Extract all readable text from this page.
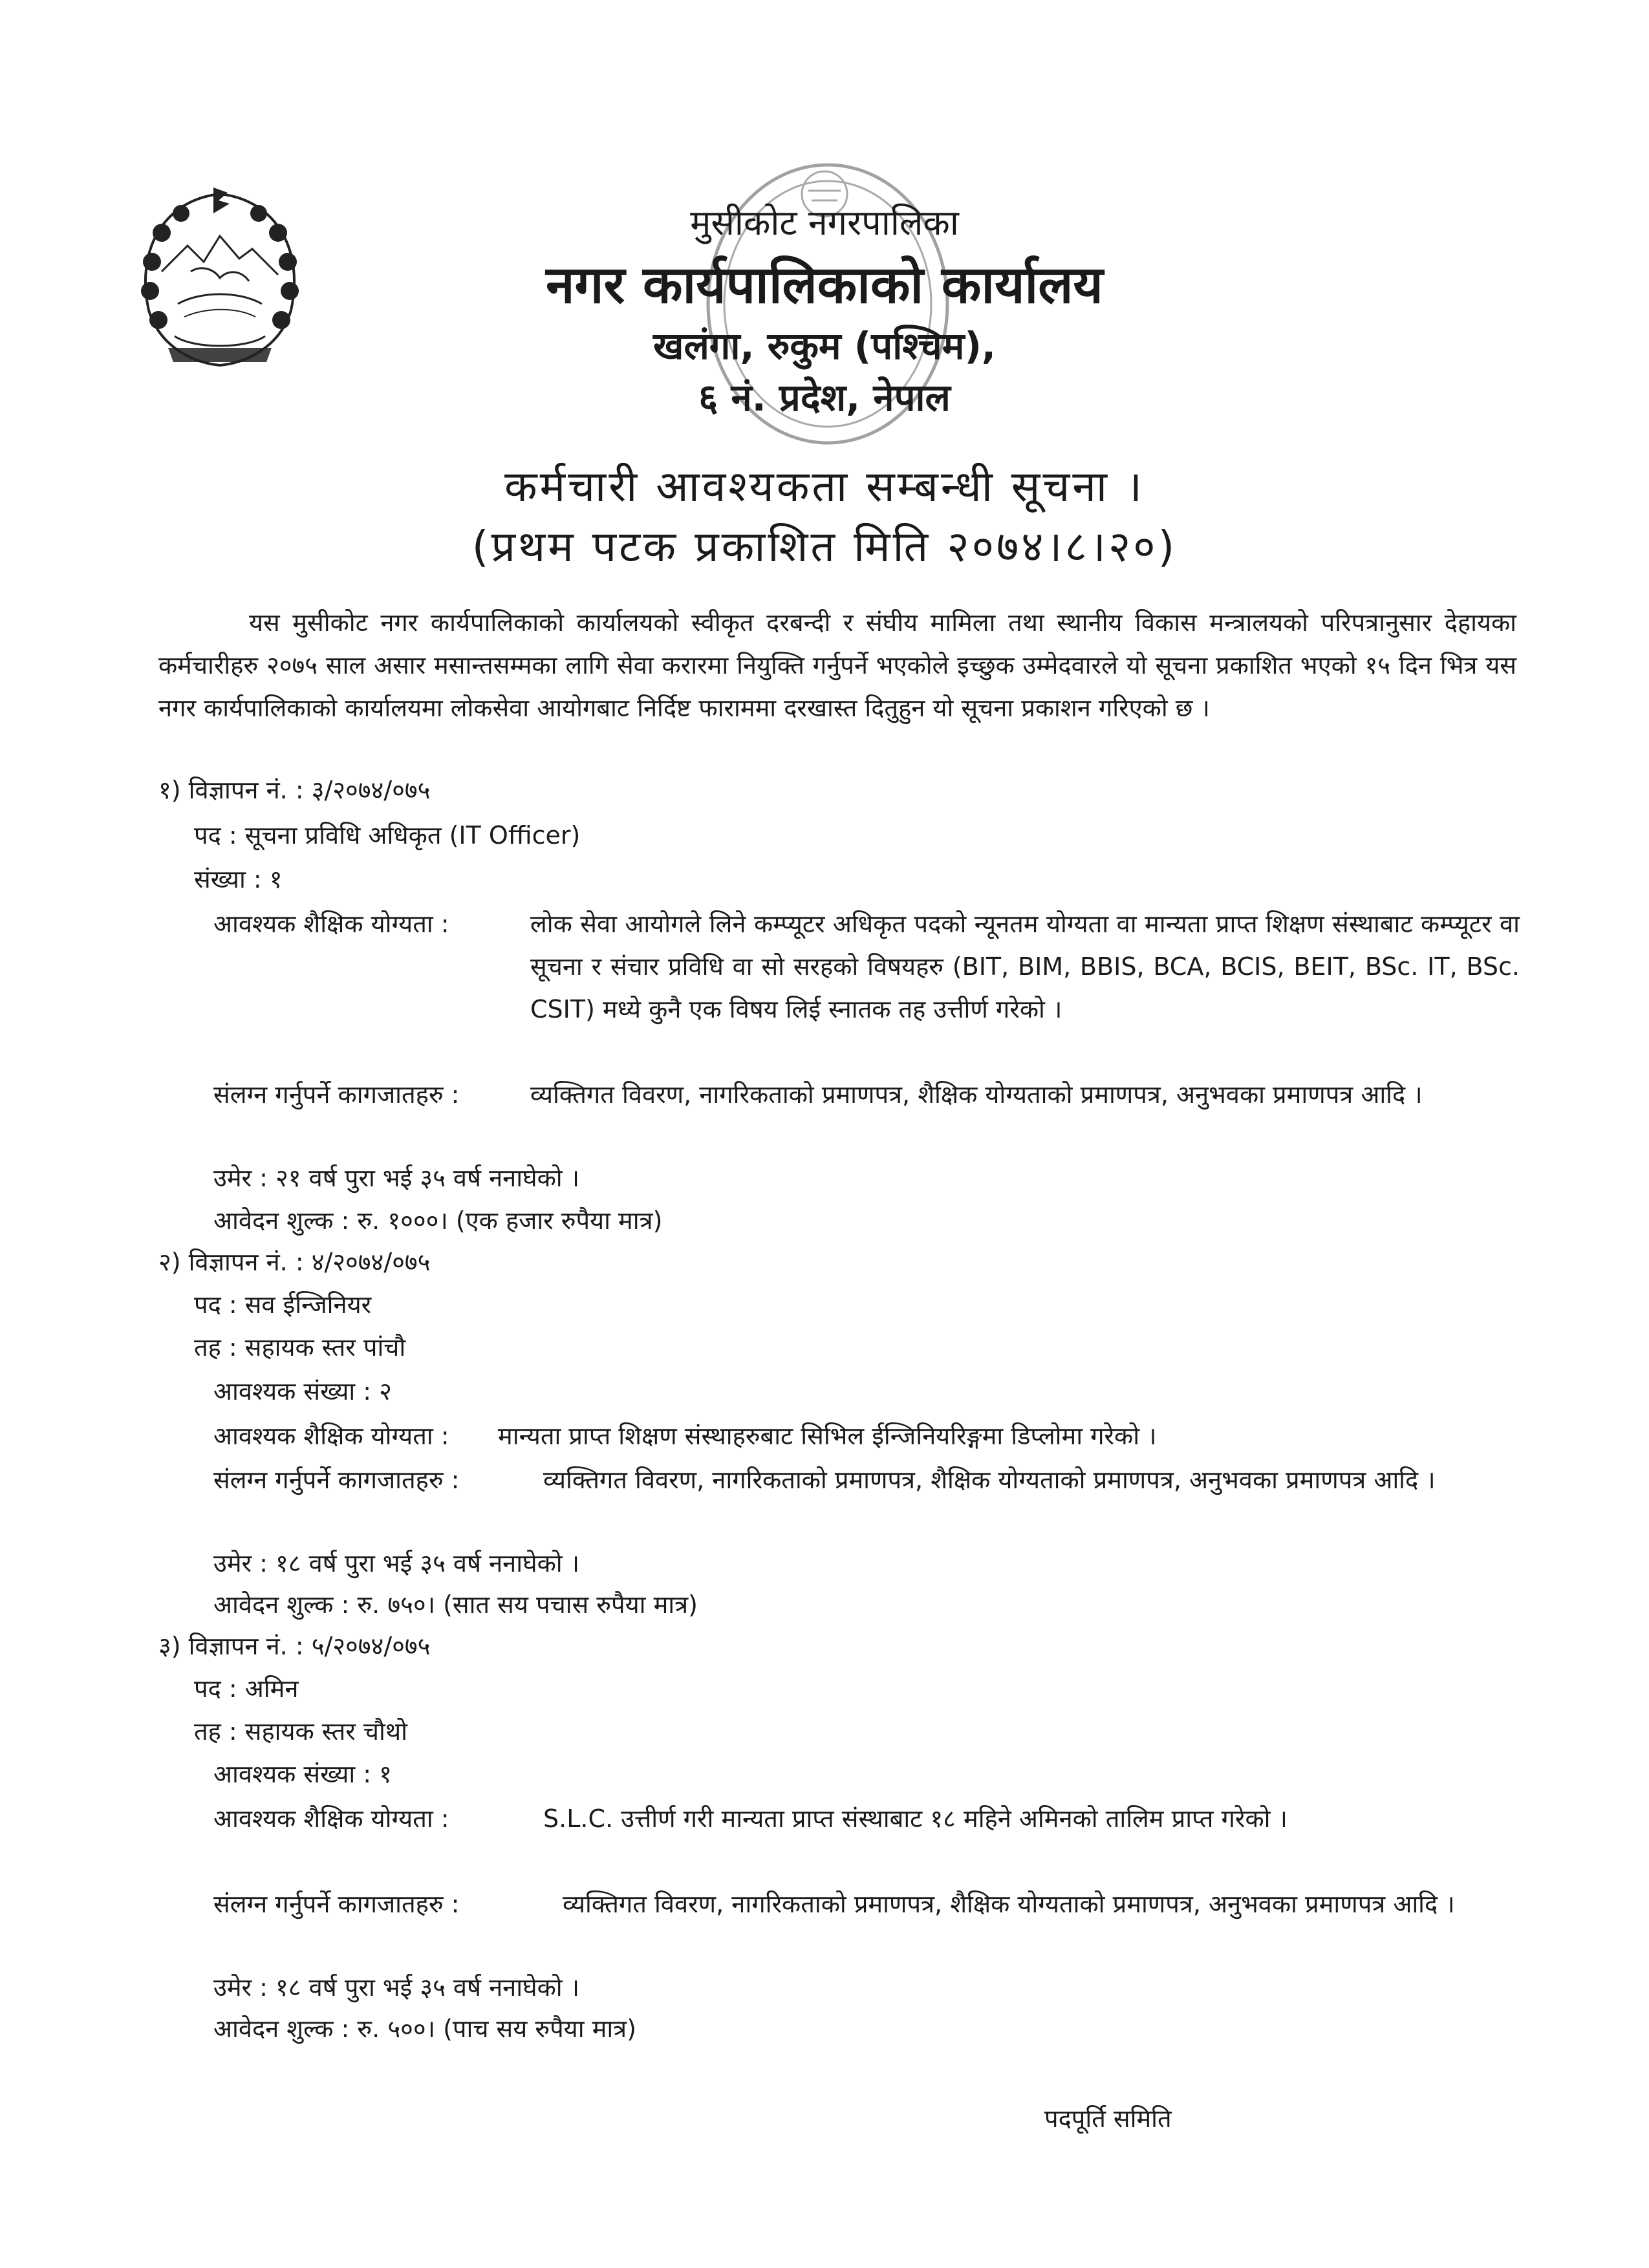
मुसीकोट नगरपालिका
नगर कार्यपालिकाको कार्यालय
खलंगा, रुकुम (पश्चिम),
६ नं. प्रदेश, नेपाल
कर्मचारी आवश्यकता सम्बन्धी सूचना ।
(प्रथम पटक प्रकाशित मिति २०७४।८।२०)

यस मुसीकोट नगर कार्यपालिकाको कार्यालयको स्वीकृत दरबन्दी र संघीय मामिला तथा स्थानीय विकास मन्त्रालयको परिपत्रानुसार देहायका कर्मचारीहरु २०७५ साल असार मसान्तसम्मका लागि सेवा करारमा नियुक्ति गर्नुपर्ने भएकोले इच्छुक उम्मेदवारले यो सूचना प्रकाशित भएको १५ दिन भित्र यस नगर कार्यपालिकाको कार्यालयमा लोकसेवा आयोगबाट निर्दिष्ट फाराममा दरखास्त दितुहुन यो सूचना प्रकाशन गरिएको छ ।

१) विज्ञापन नं. : ३/२०७४/०७५

पद : सूचना प्रविधि अधिकृत (IT Officer)

संख्या : १

आवश्यक शैक्षिक योग्यता :	लोक सेवा आयोगले लिने कम्प्यूटर अधिकृत पदको न्यूनतम योग्यता वा मान्यता प्राप्त शिक्षण संस्थाबाट कम्प्यूटर वा सूचना र संचार प्रविधि वा सो सरहको विषयहरु (BIT, BIM, BBIS, BCA, BCIS, BEIT, BSc. IT, BSc. CSIT) मध्ये कुनै एक विषय लिई स्नातक तह उत्तीर्ण गरेको ।
संलग्न गर्नुपर्ने कागजातहरु :	व्यक्तिगत विवरण, नागरिकताको प्रमाणपत्र, शैक्षिक योग्यताको प्रमाणपत्र, अनुभवका प्रमाणपत्र आदि ।

उमेर : २१ वर्ष पुरा भई ३५ वर्ष ननाघेको ।

आवेदन शुल्क : रु. १०००। (एक हजार रुपैया मात्र)

२) विज्ञापन नं. : ४/२०७४/०७५

पद : सव ईन्जिनियर

तह : सहायक स्तर पांचौ

आवश्यक संख्या : २

आवश्यक शैक्षिक योग्यता :	मान्यता प्राप्त शिक्षण संस्थाहरुबाट सिभिल ईन्जिनियरिङ्गमा डिप्लोमा गरेको ।
संलग्न गर्नुपर्ने कागजातहरु :	व्यक्तिगत विवरण, नागरिकताको प्रमाणपत्र, शैक्षिक योग्यताको प्रमाणपत्र, अनुभवका प्रमाणपत्र आदि ।

उमेर : १८ वर्ष पुरा भई ३५ वर्ष ननाघेको ।

आवेदन शुल्क : रु. ७५०। (सात सय पचास रुपैया मात्र)

३) विज्ञापन नं. : ५/२०७४/०७५

पद : अमिन

तह : सहायक स्तर चौथो

आवश्यक संख्या : १

आवश्यक शैक्षिक योग्यता :	S.L.C. उत्तीर्ण गरी मान्यता प्राप्त संस्थाबाट १८ महिने अमिनको तालिम प्राप्त गरेको ।
संलग्न गर्नुपर्ने कागजातहरु :	व्यक्तिगत विवरण, नागरिकताको प्रमाणपत्र, शैक्षिक योग्यताको प्रमाणपत्र, अनुभवका प्रमाणपत्र आदि ।

उमेर : १८ वर्ष पुरा भई ३५ वर्ष ननाघेको ।

आवेदन शुल्क : रु. ५००। (पाच सय रुपैया मात्र)

पदपूर्ति समिति
